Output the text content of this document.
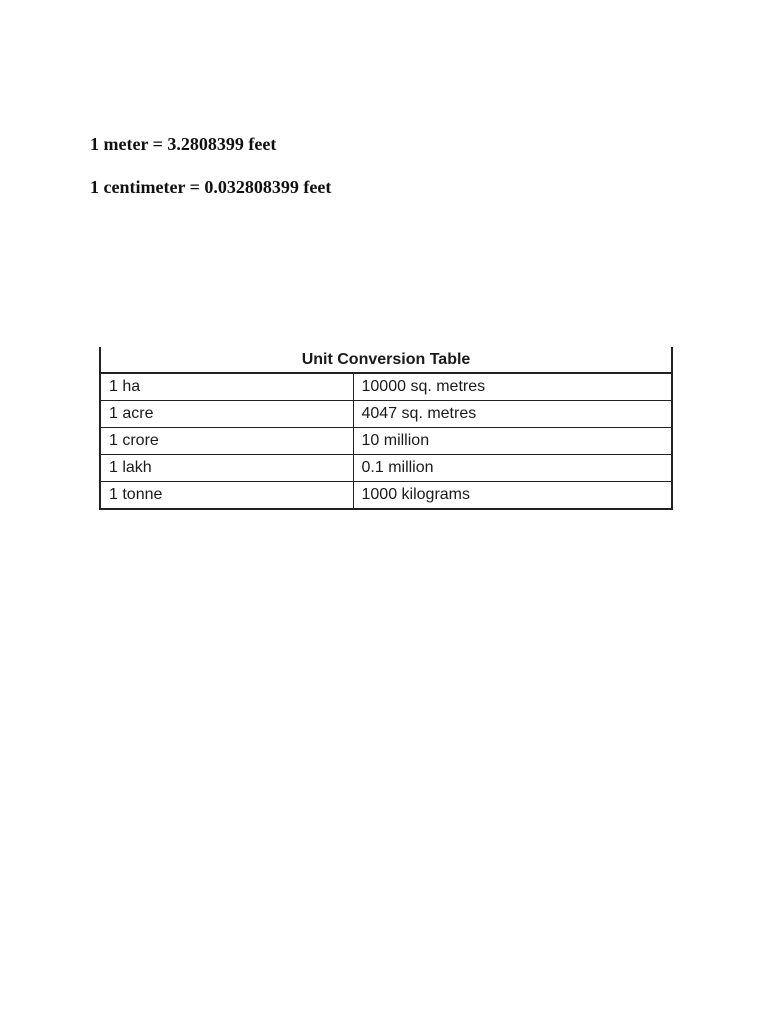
1 meter = 3.2808399 feet

1 centimeter = 0.032808399 feet

Unit Conversion Table	
1 ha	10000 sq. metres
1 acre	4047 sq. metres
1 crore	10 million
1 lakh	0.1 million
1 tonne	1000 kilograms
